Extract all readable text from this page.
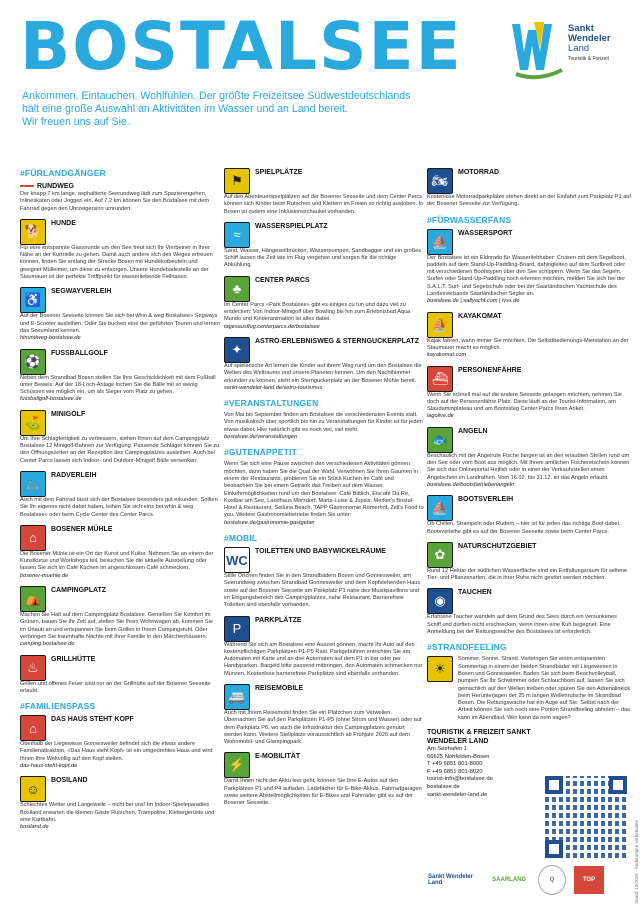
BOSTALSEE
Ankommen. Eintauchen. Wohlfühlen. Der größte Freizeitsee Südwestdeutschlands
hält eine große Auswahl an Aktivitäten im Wasser und an Land bereit.
Wir freuen uns auf Sie.
Sankt
Wendeler
Land
Touristik & Freizeit
#FÜRLANDGÄNGER
RUNDWEG
Der knapp 7 km lange, asphaltierte Seerundweg lädt zum Spazierengehen, Inlineskaten oder Joggen ein. Auf 7,2 km können Sie den Bostalsee mit dem Fahrrad gegen den Uhrzeigersinn umrunden.
🐕
HUNDE
Für eine entspannte Gassirunde um den See freut sich Ihr Vierbeiner in Ihrer Nähe an der Kurtrielle zu gehen. Damit auch andere sich des Weges erfreuen können, finden Sie entlang der Strecke Boxen mit Hundekotbeuteln und geeignet Mülleimer, um diese zu entsorgen. Unsere Hundebadestelle an der Staumauer ist der perfekte Treffpunkt für wasserliebende Fellnasen.
♿
SEGWAYVERLEIH
Auf der Bosener Seeseite können Sie sich bei whin & weg Bostalsee» Segways und E-Scooter ausleihen. Oder Sie buchen eine der geführten Touren und lernen das Seeumland kennen.
hinundweg-bostalsee.de
⚽
FUSSBALLGOLF
Neben dem Strandbad Bosen stellen Sie Ihre Geschicklichkeit mit dem Fußball unter Beweis. Auf der 18-Loch-Anlage lochen Sie die Bälle mit so wenig Schüssen wie möglich ein, um als Sieger vom Platz zu gehen.
fussballgolf-bostalsee.de
⛳
MINIGOLF
Um Ihre Schlagfertigkeit zu verbessern, stehen Ihnen auf dem Campingplatz Bostalsee 12 Minigolf-Bahnen zur Verfügung. Passende Schläger können Sie zu den Öffnungszeiten an der Rezeption des Campingplatzes ausleihen. Auch bei Center Parcs lassen sich Indoor- und Outdoor-Minigolf Bälle versenken.
🚲
RADVERLEIH
Auch mit dem Fahrrad lässt sich der Bostalsee besonders gut erkunden. Sollten Sie Ihr eigenes nicht dabei haben, leihen Sie sich eins bei whin & weg Bostalsee» oder beim Cycle Center des Center Parcs.
⌂
BOSENER MÜHLE
Die Bosener Mühle ist ein Ort der Kunst und Kultur. Nehmen Sie an einem der Kunstkurse und Workshops teil, besuchen Sie die aktuelle Ausstellung oder lassen Sie sich im Café Kuchen im angeschlossen Café schmecken.
bosener-muehle.de
⛺
CAMPINGPLATZ
Machen Sie Halt auf dem Campingplatz Bostalsee. Genießen Sie Komfort im Grünen, bauen Sie Ihr Zelt auf, stellen Sie Ihren Wohnwagen ab, kommen Sie im Urlaub an und entspannen Sie beim Grillen in Ihrem Campingstuhl. Oder verbringen Sie traumhafte Nächte mit Ihrer Familie in den Märchenhäusern.
camping.bostalsee.de
♨
GRILLHÜTTE
Grillen und offenes Feuer sind nur an der Grillhütte auf der Bosener Seeseite erlaubt.
#FAMILIENSPASS
⌂
DAS HAUS STEHT KOPF
Oberhalb der Liegewiese Gonnesweiler befindet sich die etwas andere Familienattraktion. «Das Haus steht Kopf» ist ein umgedrehtes Haus und wird Ihnen Ihre Weltvöllig auf den Kopf stellen.
das-haus-steht-kopf.de
☺
BOSILAND
Schlechtes Wetter und Langeweile – nicht bei uns! Im Indoor-Spieleparadies Bosiland erwarten die kleinen Gäste Rutschen, Trampoline, Klettergerüste und eine Kartbahn.
bosiland.de
⚑
SPIELPLÄTZE
Auf den Abenteuerspielplätzen auf der Bosener Seeseite und dem Center Parcs können sich Kinder beim Rutschen und Klettern im Freien so richtig austoben. In Bosen ist zudem eine Inklusionsschaukel vorhanden.
≈
WASSERSPIELPLATZ
Sand, Wasser, Hängeseilbrücken, Wasserpumpen, Sandbagger und ein großes Schiff lassen die Zeit wie im Flug vergehen und sorgen für die richtige Abkühlung.
♣
CENTER PARCS
Im Center Parcs «Park Bostalsee» gibt es einiges zu tun und dazu viel zu entdecken: Von Indoor-Minigolf über Bowling bis hin zum Erlebnisbad Aqua Mundo und Kinderanimation ist alles dabei.
tagesausflug.centerparcs.de/bostalsee
✦
ASTRO-ERLEBNISWEG & STERNGUCKERPLATZ
Auf spielerische Art lernen die Kinder auf ihrem Weg rund um den Bostalsee die Welten des Weltraums und unsere Planeten kennen. Um den Nachthimmel erkunden zu können, steht ein Sternguckerplatz an der Bosener Mühle bereit.
sankt-wendeler-land.de/astro-tourismus
#VERANSTALTUNGEN
Von Mai bis September finden am Bostalsee die verschiedensten Events statt. Von musikalisch über sportlich bis hin zu Veranstaltungen für Kinder ist für jeden etwas dabei. Hier natürlich gibt es noch viel, viel mehr.
bostalsee.de/veranstaltungen
#GUTENAPPETIT
Wenn Sie sich eine Pause zwischen den verschiedenen Aktivitäten gönnen möchten, dann haben Sie die Qual der Wahl. Verwöhnen Sie Ihren Gaumen in einem der Restaurants, probieren Sie ein Stück Kuchen im Café und beobachten Sie bei einem Getränk das Treiben auf dem Wasser.
Einkehrmöglichkeiten rund um den Bostalsee: Café Bittlich, Eiscafé Da Re, Kostbar am See, Landhaus Mörsdorf, Maria-Luise & Jupsis, Merker's Bostal-Hotel & Restaurant, Seiluna Beach, TAPP Gastronomie Römerhof, Zell's Food to you. Weitere Gastronomiebetriebe finden Sie unter:
bostalsee.de/gastronomie-gastgeber
#MOBIL
WC
TOILETTEN UND BABYWICKELRÄUME
Stille Örtchen finden Sie in den Strandbädern Bosen und Gonnesweiler, am Seerundweg zwischen Strandbad Gonnesweiler und dem Kopfstehenden Haus sowie auf der Bosener Seeseite am Parkplatz P1 nahe des Musikpavillons und im Eingangsbereich des Campingplatzes, nahe Restaurant. Barrierefreie Toiletten sind ebenfalls vorhanden.
P
PARKPLÄTZE
Während Sie sich am Bostalsee eine Auszeit gönnen, macht Ihr Auto auf den kostenpflichtigen Parkplätzen P1-P5 Rast. Parkgebühren entrichten Sie am Automaten mit Karte und an drei Automaten auf dem P1 in bar oder per Handyparken. Bargeld bitte passend mitbringen, den Automaten schmecken nur Münzen. Kostenlose barrierefreie Parkplätze sind ebenfalls vorhanden.
🚐
REISEMOBILE
Auch mit Ihrem Reisemobil finden Sie ein Plätzchen zum Verweilen. Übernachten Sie auf den Parkplätzen P1-P5 (ohne Strom und Wasser) oder auf dem Parkplatz P6, wo auch die Infrastruktur des Campingplatzes genutzt werden kann. Weitere Stellplätze voraussichtlich ab Frühjahr 2026 auf dem Wohnmobil- und Glampingpark.
⚡
E-MOBILITÄT
Damit Ihnen nicht der Akku leer geht, können Sie Ihre E-Autos auf den Parkplätzen P1 und P4 aufladen. Ladefächer für E-Bike-Akkus, Fahrradgaragen sowie weitere Abstellmöglichkeiten für E-Bikes und Fahrräder gibt es auf der Bosener Seeseite.
🏍
MOTORRAD
Kostenlose Motorradparkplätze stehen direkt an der Einfahrt zum Parkplatz P1 auf der Bosener Seeseite zur Verfügung.
#FÜRWASSERFANS
⛵
WASSERSPORT
Der Bostalsee ist ein Eldorado für Wasserliebhaber: Cruisen mit dem Segelboot, paddeln auf dem Stand-Up-Paddling-Board, dahingleiten auf dem Surfbrett oder mit verschiedenen Bootstypen über den See schippern. Wenn Sie das Segeln, Surfen oder Stand-Up-Paddling noch erlernen möchten, melden Sie sich bei der S.A.L.T. Surf- und Segelschule oder bei der Saarländischen Yachtschule des Landesverbands Saarländischer Segler an.
bostalsee.de | saltyacht.com | lvss.de
⛵
KAYAKOMAT
Kajak fahren, wann immer Sie möchten. Die Selbstbedienungs-Mietstation an der Staumauer macht es möglich.
kayakomat.com
⛴
PERSONENFÄHRE
Wenn Sie schnell mal auf die andere Seeseite gelangen möchten, nehmen Sie doch auf der Personenfähre Platz. Diese läuft an der Tourist-Information, am Staudammplateau und am Bootssteg Center Parcs Ihren Anker.
lagolive.de
🐟
ANGELN
Beschaulich mit der Angelrute Fische fangen ist an den erlaubten Stellen rund um den See oder vom Boot aus möglich. Mit Ihrem amtlichen Fischereischein können Sie sich das Onlineportal Hejfish oder in einer der Verkaufsstellen einen Angelschein im Landrathen. Vom 16.02. bis 31.12. ist das Angeln erlaubt.
bostalsee.de/bootsbetriebenangeln
⛵
BOOTSVERLEIH
Ob Chillen, Strampeln oder Rudern – hier ist für jeden das richtige Boot dabei. Bootsverleihe gibt es auf der Bosener Seeseite sowie beim Center Parcs.
✿
NATURSCHUTZGEBIET
Rund 12 Hektar der südlichen Wasserfläche sind ein Entfaltungsraum für seltene Tier- und Pflanzenarten, die in ihrer Ruhe nicht gestört werden möchten.
◉
TAUCHEN
Erfahrene Taucher wandeln auf dem Grund des Sees durch ein versunkenes Schiff und dürften nicht erschrecken, wenn ihnen eine Kuh begegnet. Eine Anmeldung bei der Rettungswache des Bostalsees ist erforderlich.
#STRANDFEELING
☀
Sommer. Sonne. Strand. Verbringen Sie einen entspannten Sommertag in einem der beiden Strandbäder mit Liegewiesen in Bosen und Gonnesweiler. Baden Sie sich beim Beachvolleyball, pumpen Sie Ihr Schwimmer oder Schlauchboot auf, lassen Sie sich gemächlich auf den Wellen treiben oder spüren Sie den Adrenalinkick beim Herunterjagen der 25 m langen Wellenrutsche im Strandbad Bosen. Die Rettungswache hat ein Auge auf Sie. Selbst nach der Arbeit können Sie sich noch eine Portion Strandfeeling abholen – das kann im Abendlauf. Wer kann da nein sagen?
TOURISTIK & FREIZEIT SANKT WENDELER LAND
Am Seehafen 1
66625 Nohfelden-Bosen
T +49 6851 801-8000
F +49 6851 801-8020
tourist-info@bostalsee.de
bostalsee.de
sankt-wendeler-land.de
Sankt Wendeler Land	SAARLAND	Q	TOP	Stand: 10/2025 · Änderungen vorbehalten
